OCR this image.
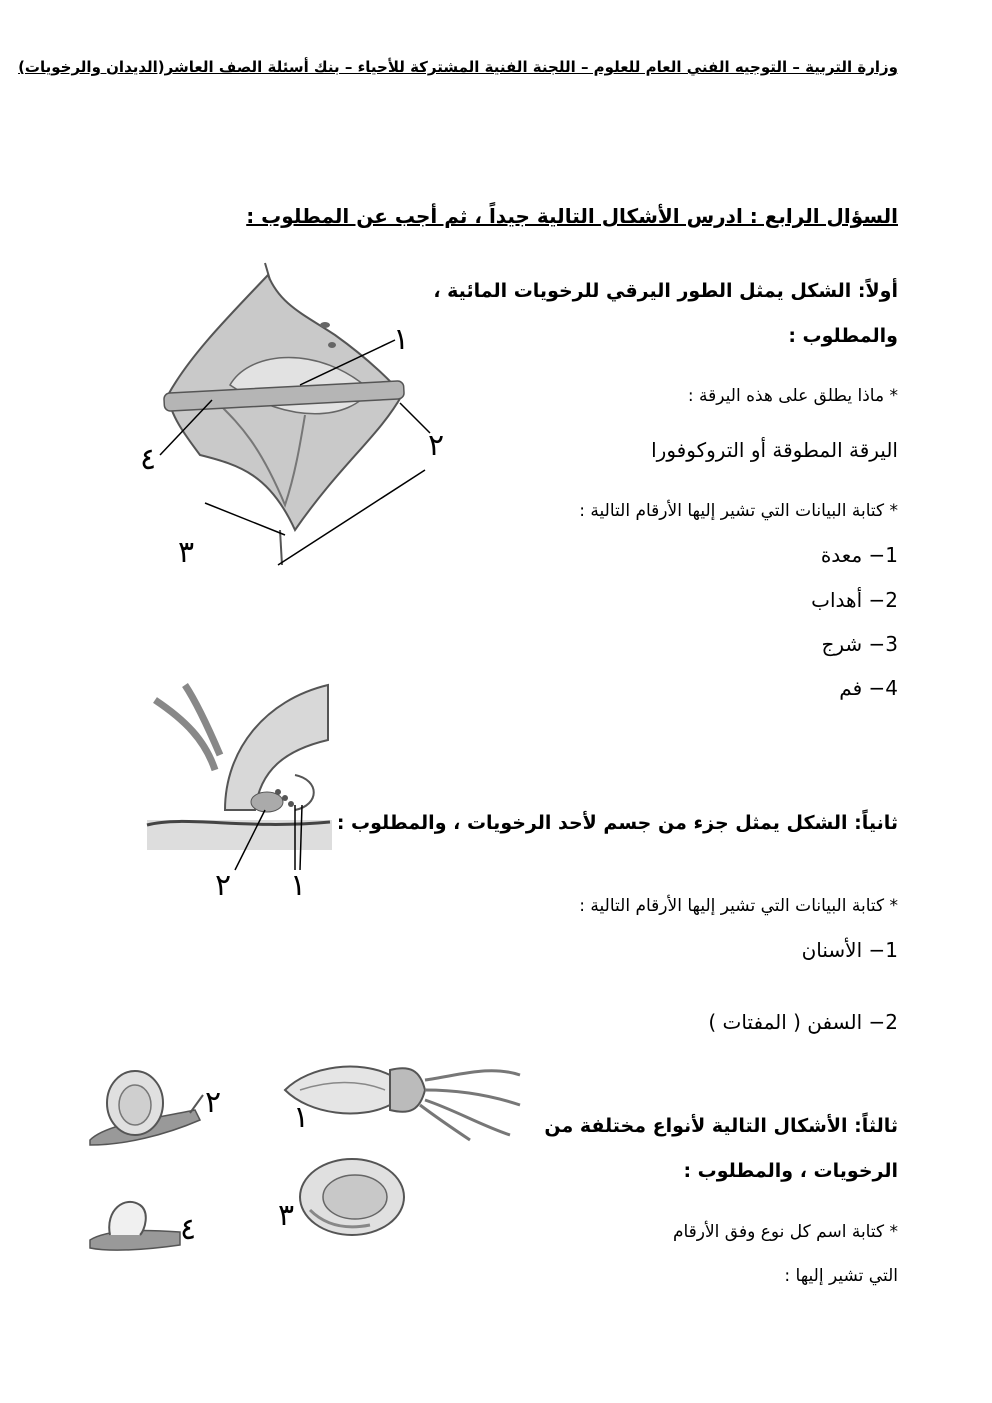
وزارة التربية – التوجيه الفني العام للعلوم – اللجنة الفنية المشتركة للأحياء – بنك أسئلة الصف العاشر(الديدان والرخويات)
السؤال الرابع : ادرس الأشكال التالية جيداً ، ثم أجب عن المطلوب :
أولاً: الشكل يمثل الطور اليرقي للرخويات المائية ،
والمطلوب :
* ماذا يطلق على هذه اليرقة :
اليرقة المطوقة أو التروكوفورا
* كتابة البيانات التي تشير إليها الأرقام التالية :
1− معدة
2− أهداب
3− شرج
4− فم
١
٢
٣
٤
ثانياً: الشكل يمثل جزء من جسم لأحد الرخويات ، والمطلوب :
* كتابة البيانات التي تشير إليها الأرقام التالية :
1− الأسنان
2− السفن ( المفتات )
٢ ١
ثالثاً: الأشكال التالية لأنواع مختلفة من
الرخويات ، والمطلوب :
* كتابة اسم كل نوع وفق الأرقام
التي تشير إليها :
١
٢
٣
٤
